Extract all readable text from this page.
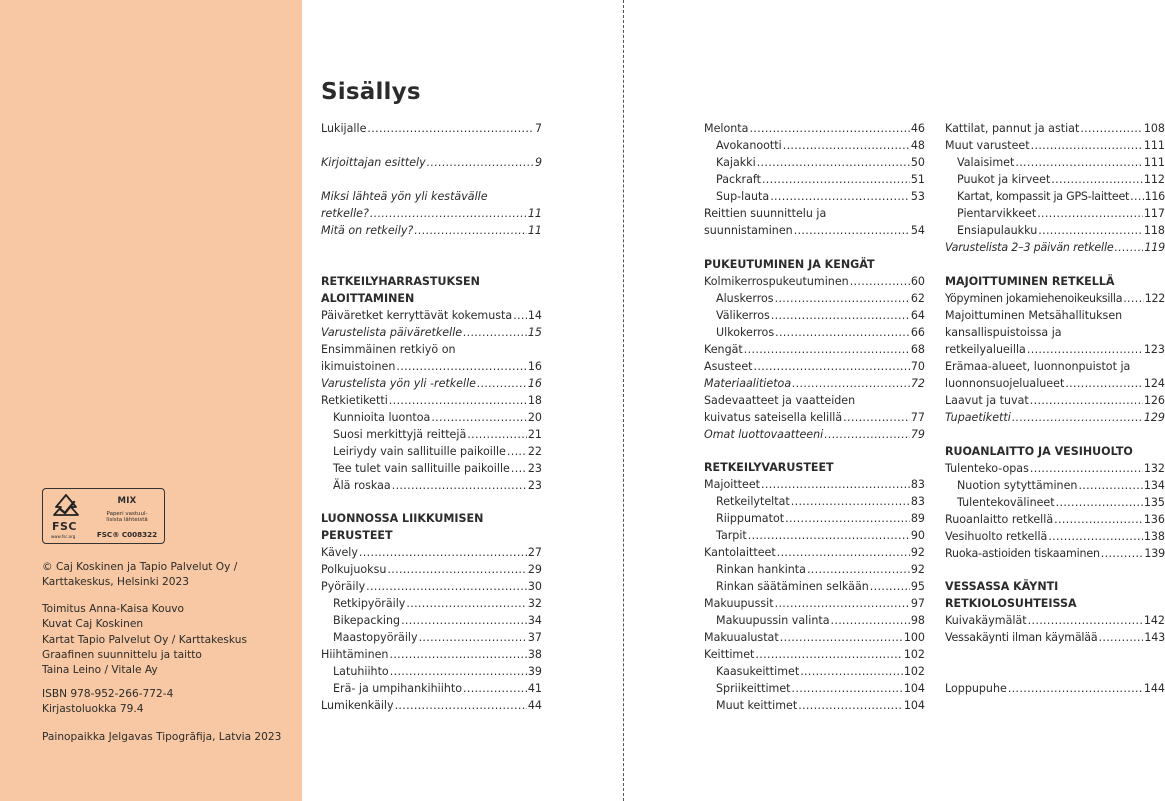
FSC
www.fsc.org
MIX
Paperi vastuul-
lisista lähteistä
FSC® C008322
© Caj Koskinen ja Tapio Palvelut Oy /
Karttakeskus, Helsinki 2023
Toimitus Anna-Kaisa Kouvo
Kuvat Caj Koskinen
Kartat Tapio Palvelut Oy / Karttakeskus
Graafinen suunnittelu ja taitto
Taina Leino / Vitale Ay
ISBN 978-952-266-772-4
Kirjastoluokka 79.4
Painopaikka Jelgavas Tipogrāfija, Latvia 2023
Sisällys
Lukijalle . . .	7
Kirjoittajan esittely . . .	9
Miksi lähteä yön yli kestävälle
retkelle? . . .	11
Mitä on retkeily? . . .	11
RETKEILYHARRASTUKSEN
ALOITTAMINEN
Päiväretket kerryttävät kokemusta . . . 14
Varustelista päiväretkelle . . .	15
Ensimmäinen retkiyö on
ikimuistoinen . . .	16
Varustelista yön yli -retkelle . . .	16
Retkietiketti . . .	18
Kunnioita luontoa . . .	20
Suosi merkittyjä reittejä . . .	21
Leiriydy vain sallituille paikoille . . . 22
Tee tulet vain sallituille paikoille . . . 23
Älä roskaa . . .	23
LUONNOSSA LIIKKUMISEN
PERUSTEET
Kävely . . .	27
Polkujuoksu . . .	29
Pyöräily . . .	30
Retkipyöräily . . .	32
Bikepacking . . .	34
Maastopyöräily . . .	37
Hiihtäminen . . .	38
Latuhiihto . . .	39
Erä- ja umpihankihiihto . . .	41
Lumikenkäily . . .	44
Melonta . . .	46
Avokanootti . . .	48
Kajakki . . .	50
Packraft . . .	51
Sup-lauta . . .	53
Reittien suunnittelu ja
suunnistaminen . . .	54
PUKEUTUMINEN JA KENGÄT
Kolmikerrospukeutuminen . . .	60
Aluskerros . . .	62
Välikerros . . .	64
Ulkokerros . . .	66
Kengät . . .	68
Asusteet . . .	70
Materiaalitietoa . . .	72
Sadevaatteet ja vaatteiden
kuivatus sateisella kelillä . . .	77
Omat luottovaatteeni . . .	79
RETKEILYVARUSTEET
Majoitteet . . .	83
Retkeilyteltat . . .	83
Riippumatot . . .	89
Tarpit . . .	90
Kantolaitteet . . .	92
Rinkan hankinta . . .	92
Rinkan säätäminen selkään . . .	95
Makuupussit . . .	97
Makuupussin valinta . . .	98
Makuualustat . . .	100
Keittimet . . .	102
Kaasukeittimet . . .	102
Spriikeittimet . . .	104
Muut keittimet . . .	104
Kattilat, pannut ja astiat . . .	108
Muut varusteet . . .	111
Valaisimet . . .	111
Puukot ja kirveet . . .	112
Kartat, kompassit ja GPS-laitteet . . . 116
Pientarvikkeet . . .	117
Ensiapulaukku . . .	118
Varustelista 2–3 päivän retkelle . . .	119
MAJOITTUMINEN RETKELLÄ
Yöpyminen jokamiehenoikeuksilla . . . 122
Majoittuminen Metsähallituksen
kansallispuistoissa ja
retkeilyalueilla . . .	123
Erämaa-alueet, luonnonpuistot ja
luonnonsuojelualueet . . .	124
Laavut ja tuvat . . .	126
Tupaetiketti . . .	129
RUOANLAITTO JA VESIHUOLTO
Tulenteko-opas . . .	132
Nuotion sytyttäminen . . .	134
Tulentekovälineet . . .	135
Ruoanlaitto retkellä . . .	136
Vesihuolto retkellä . . .	138
Ruoka-astioiden tiskaaminen . . .	139
VESSASSA KÄYNTI
RETKIOLOSUHTEISSA
Kuivakäymälät . . .	142
Vessakäynti ilman käymälää . . .	143
Loppupuhe . . .	144
